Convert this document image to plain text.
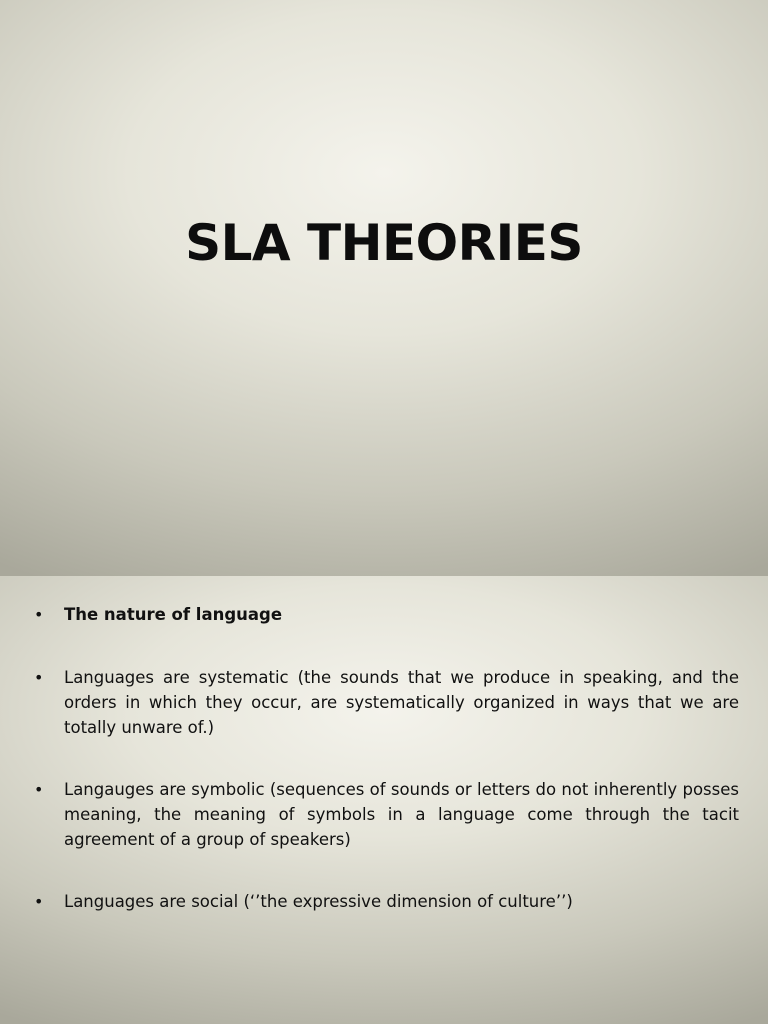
SLA THEORIES
• The nature of language
• Languages are systematic (the sounds that we produce in speaking, and the orders in which they occur, are systematically organized in ways that we are totally unware of.)
• Langauges are symbolic (sequences of sounds or letters do not inherently posses meaning, the meaning of symbols in a language come through the tacit agreement of a group of speakers)
• Languages are social (‘’the expressive dimension of culture’’)
